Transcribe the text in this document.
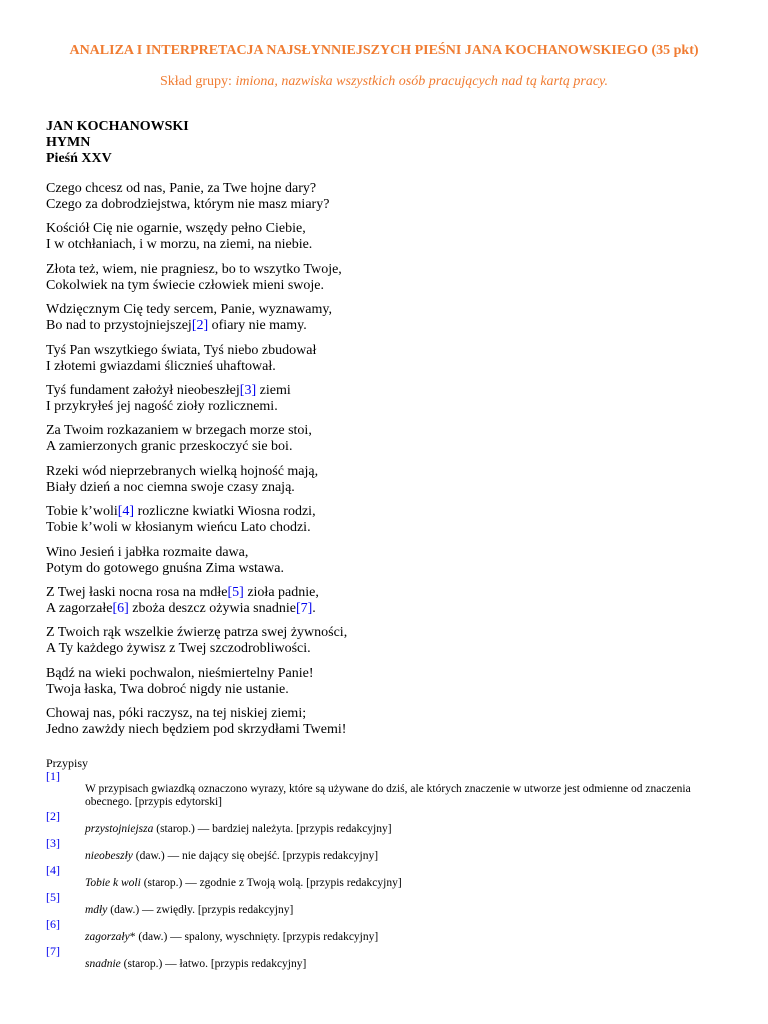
ANALIZA I INTERPRETACJA NAJSŁYNNIEJSZYCH PIEŚNI JANA KOCHANOWSKIEGO (35 pkt)

Skład grupy: imiona, nazwiska wszystkich osób pracujących nad tą kartą pracy.

JAN KOCHANOWSKI
HYMN
Pieśń XXV
Czego chcesz od nas, Panie, za Twe hojne dary?
Czego za dobrodziejstwa, którym nie masz miary?
Kościół Cię nie ogarnie, wszędy pełno Ciebie,
I w otchłaniach, i w morzu, na ziemi, na niebie.
Złota też, wiem, nie pragniesz, bo to wszytko Twoje,
Cokolwiek na tym świecie człowiek mieni swoje.
Wdzięcznym Cię tedy sercem, Panie, wyznawamy,
Bo nad to przystojniejszej[2] ofiary nie mamy.
Tyś Pan wszytkiego świata, Tyś niebo zbudował
I złotemi gwiazdami ślicznieś uhaftował.
Tyś fundament założył nieobeszłej[3] ziemi
I przykryłeś jej nagość zioły rozlicznemi.
Za Twoim rozkazaniem w brzegach morze stoi,
A zamierzonych granic przeskoczyć sie boi.
Rzeki wód nieprzebranych wielką hojność mają,
Biały dzień a noc ciemna swoje czasy znają.
Tobie k’woli[4] rozliczne kwiatki Wiosna rodzi,
Tobie k’woli w kłosianym wieńcu Lato chodzi.
Wino Jesień i jabłka rozmaite dawa,
Potym do gotowego gnuśna Zima wstawa.
Z Twej łaski nocna rosa na mdłe[5] zioła padnie,
A zagorzałe[6] zboża deszcz ożywia snadnie[7].
Z Twoich rąk wszelkie źwierzę patrza swej żywności,
A Ty każdego żywisz z Twej szczodrobliwości.
Bądź na wieki pochwalon, nieśmiertelny Panie!
Twoja łaska, Twa dobroć nigdy nie ustanie.
Chowaj nas, póki raczysz, na tej niskiej ziemi;
Jedno zawżdy niech będziem pod skrzydłami Twemi!

Przypisy

[1]
W przypisach gwiazdką oznaczono wyrazy, które są używane do dziś, ale których znaczenie w utworze jest odmienne od znaczenia obecnego. [przypis edytorski]
[2]
przystojniejsza (starop.) — bardziej należyta. [przypis redakcyjny]
[3]
nieobeszły (daw.) — nie dający się obejść. [przypis redakcyjny]
[4]
Tobie k woli (starop.) — zgodnie z Twoją wolą. [przypis redakcyjny]
[5]
mdły (daw.) — zwiędły. [przypis redakcyjny]
[6]
zagorzały* (daw.) — spalony, wyschnięty. [przypis redakcyjny]
[7]
snadnie (starop.) — łatwo. [przypis redakcyjny]
